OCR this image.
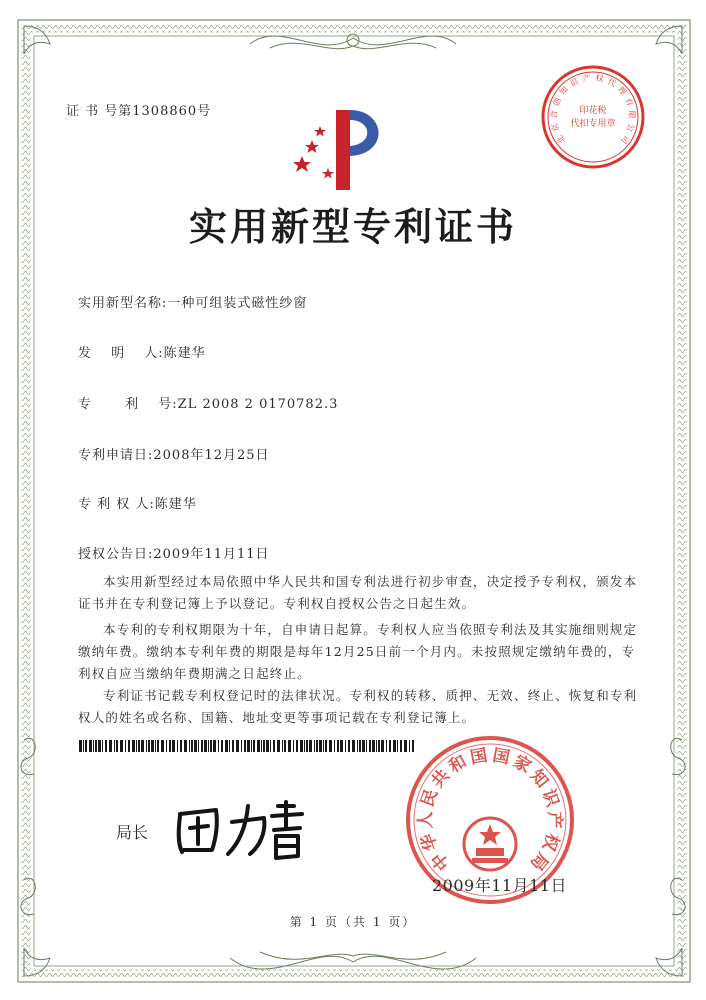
证 书 号第1308860号
实用新型专利证书
实用新型名称:一种可组装式磁性纱窗
发　 明　 人:陈建华
专　　 利　 号:ZL 2008 2 0170782.3
专利申请日:2008年12月25日
专 利 权 人:陈建华
授权公告日:2009年11月11日
本实用新型经过本局依照中华人民共和国专利法进行初步审查，决定授予专利权，颁发本证书并在专利登记簿上予以登记。专利权自授权公告之日起生效。
本专利的专利权期限为十年，自申请日起算。专利权人应当依照专利法及其实施细则规定缴纳年费。缴纳本专利年费的期限是每年12月25日前一个月内。未按照规定缴纳年费的，专利权自应当缴纳年费期满之日起终止。
专利证书记载专利权登记时的法律状况。专利权的转移、质押、无效、终止、恢复和专利权人的姓名或名称、国籍、地址变更等事项记载在专利登记簿上。
局长
北
京
合
创
知
识 产 权 代
理
有
限
公
司
印花税
代扣专用章
中
华
人
民
共
和
国 国
家
知
识
产
权
局
2009年11月11日
第 1 页（共 1 页）
